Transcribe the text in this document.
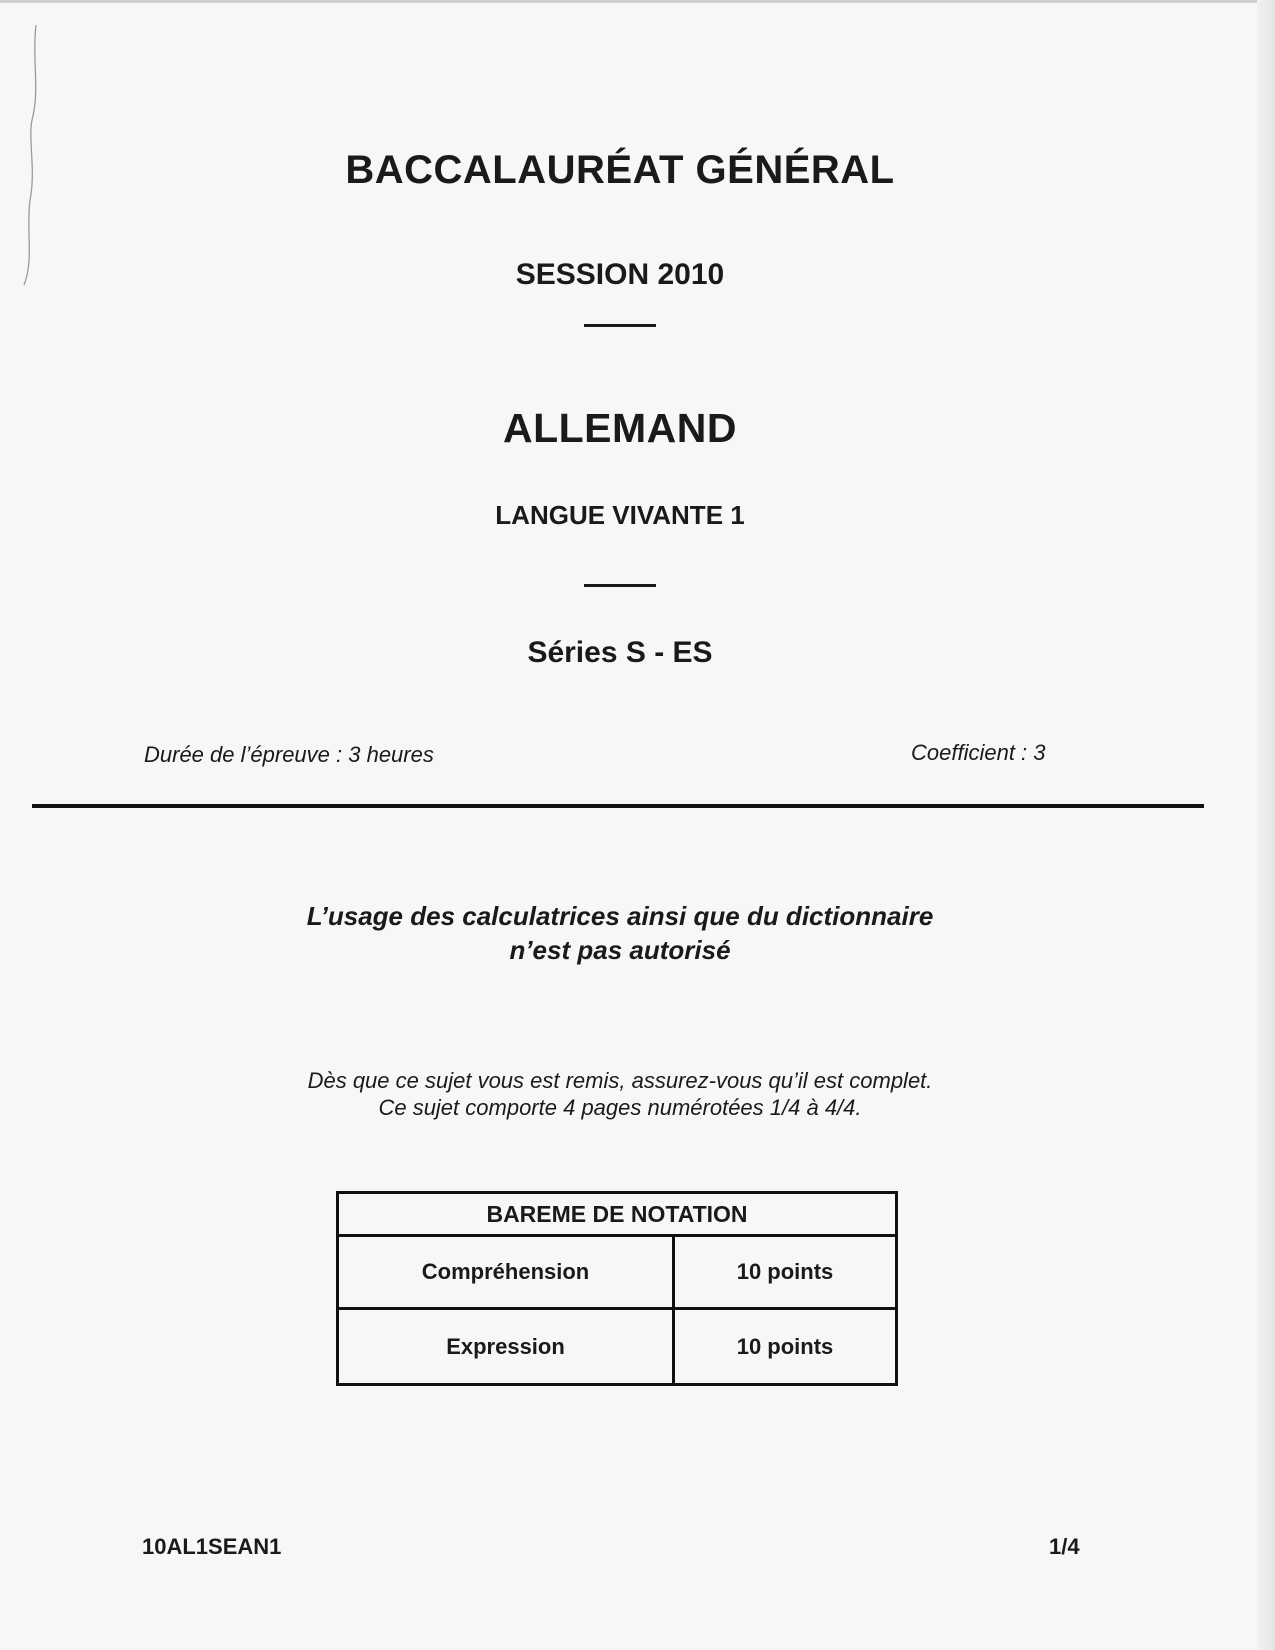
BACCALAURÉAT GÉNÉRAL
SESSION 2010
ALLEMAND
LANGUE VIVANTE 1
Séries S - ES
Durée de l’épreuve : 3 heures	Coefficient : 3
L’usage des calculatrices ainsi que du dictionnaire
n’est pas autorisé
Dès que ce sujet vous est remis, assurez-vous qu’il est complet.
Ce sujet comporte 4 pages numérotées 1/4 à 4/4.
BAREME DE NOTATION
Compréhension	10 points
Expression	10 points
10AL1SEAN1	1/4
